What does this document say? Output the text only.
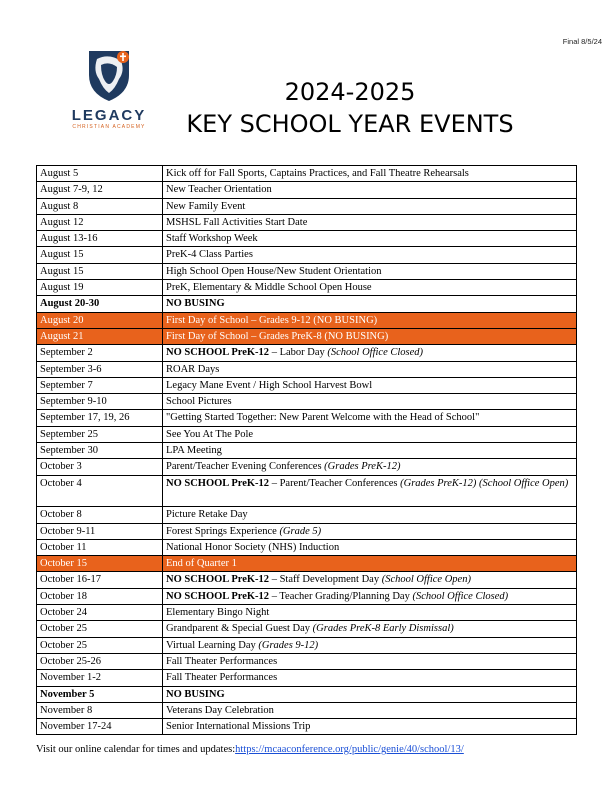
Final 8/5/24
LEGACY
CHRISTIAN ACADEMY
2024-2025
KEY SCHOOL YEAR EVENTS
August 5	Kick off for Fall Sports, Captains Practices, and Fall Theatre Rehearsals
August 7-9, 12	New Teacher Orientation
August 8	New Family Event
August 12	MSHSL Fall Activities Start Date
August 13-16	Staff Workshop Week
August 15	PreK-4 Class Parties
August 15	High School Open House/New Student Orientation
August 19	PreK, Elementary & Middle School Open House
August 20-30	NO BUSING
August 20	First Day of School – Grades 9-12 (NO BUSING)
August 21	First Day of School – Grades PreK-8 (NO BUSING)
September 2	NO SCHOOL PreK-12 – Labor Day (School Office Closed)
September 3-6	ROAR Days
September 7	Legacy Mane Event / High School Harvest Bowl
September 9-10	School Pictures
September 17, 19, 26	"Getting Started Together: New Parent Welcome with the Head of School"
September 25	See You At The Pole
September 30	LPA Meeting
October 3	Parent/Teacher Evening Conferences (Grades PreK-12)
October 4	NO SCHOOL PreK-12 – Parent/Teacher Conferences (Grades PreK-12) (School Office Open)
October 8	Picture Retake Day
October 9-11	Forest Springs Experience (Grade 5)
October 11	National Honor Society (NHS) Induction
October 15	End of Quarter 1
October 16-17	NO SCHOOL PreK-12 – Staff Development Day (School Office Open)
October 18	NO SCHOOL PreK-12 – Teacher Grading/Planning Day (School Office Closed)
October 24	Elementary Bingo Night
October 25	Grandparent & Special Guest Day (Grades PreK-8 Early Dismissal)
October 25	Virtual Learning Day (Grades 9-12)
October 25-26	Fall Theater Performances
November 1-2	Fall Theater Performances
November 5	NO BUSING
November 8	Veterans Day Celebration
November 17-24	Senior International Missions Trip
Visit our online calendar for times and updates:https://mcaaconference.org/public/genie/40/school/13/
